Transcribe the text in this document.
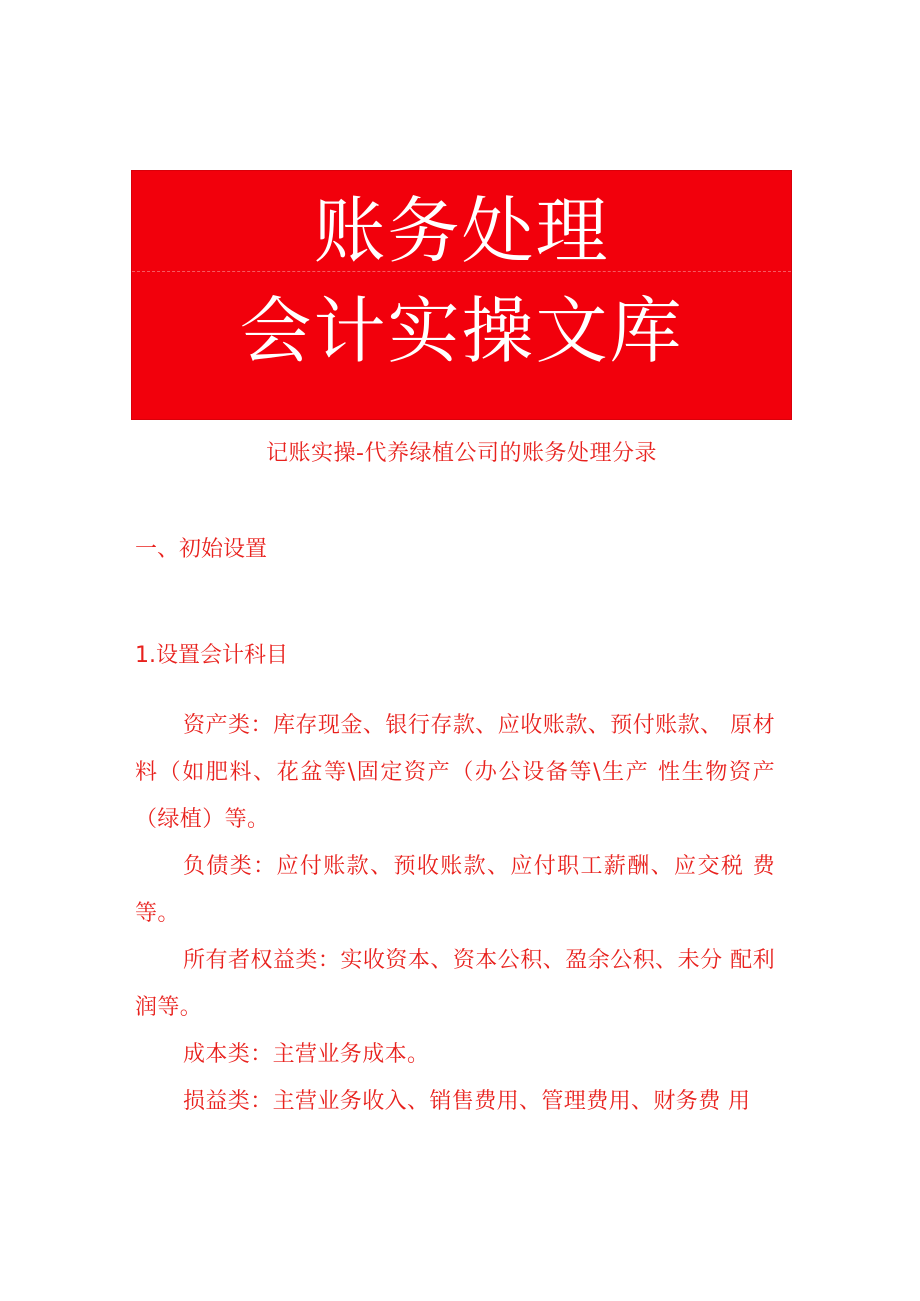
账务处理
会计实操文库
记账实操-代养绿植公司的账务处理分录
一、初始设置
1.设置会计科目

资产类：库存现金、银行存款、应收账款、预付账款、 原材料（如肥料、花盆等\固定资产（办公设备等\生产 性生物资产（绿植）等。

负债类：应付账款、预收账款、应付职工薪酬、应交税 费等。

所有者权益类：实收资本、资本公积、盈余公积、未分 配利润等。

成本类：主营业务成本。

损益类：主营业务收入、销售费用、管理费用、财务费 用
